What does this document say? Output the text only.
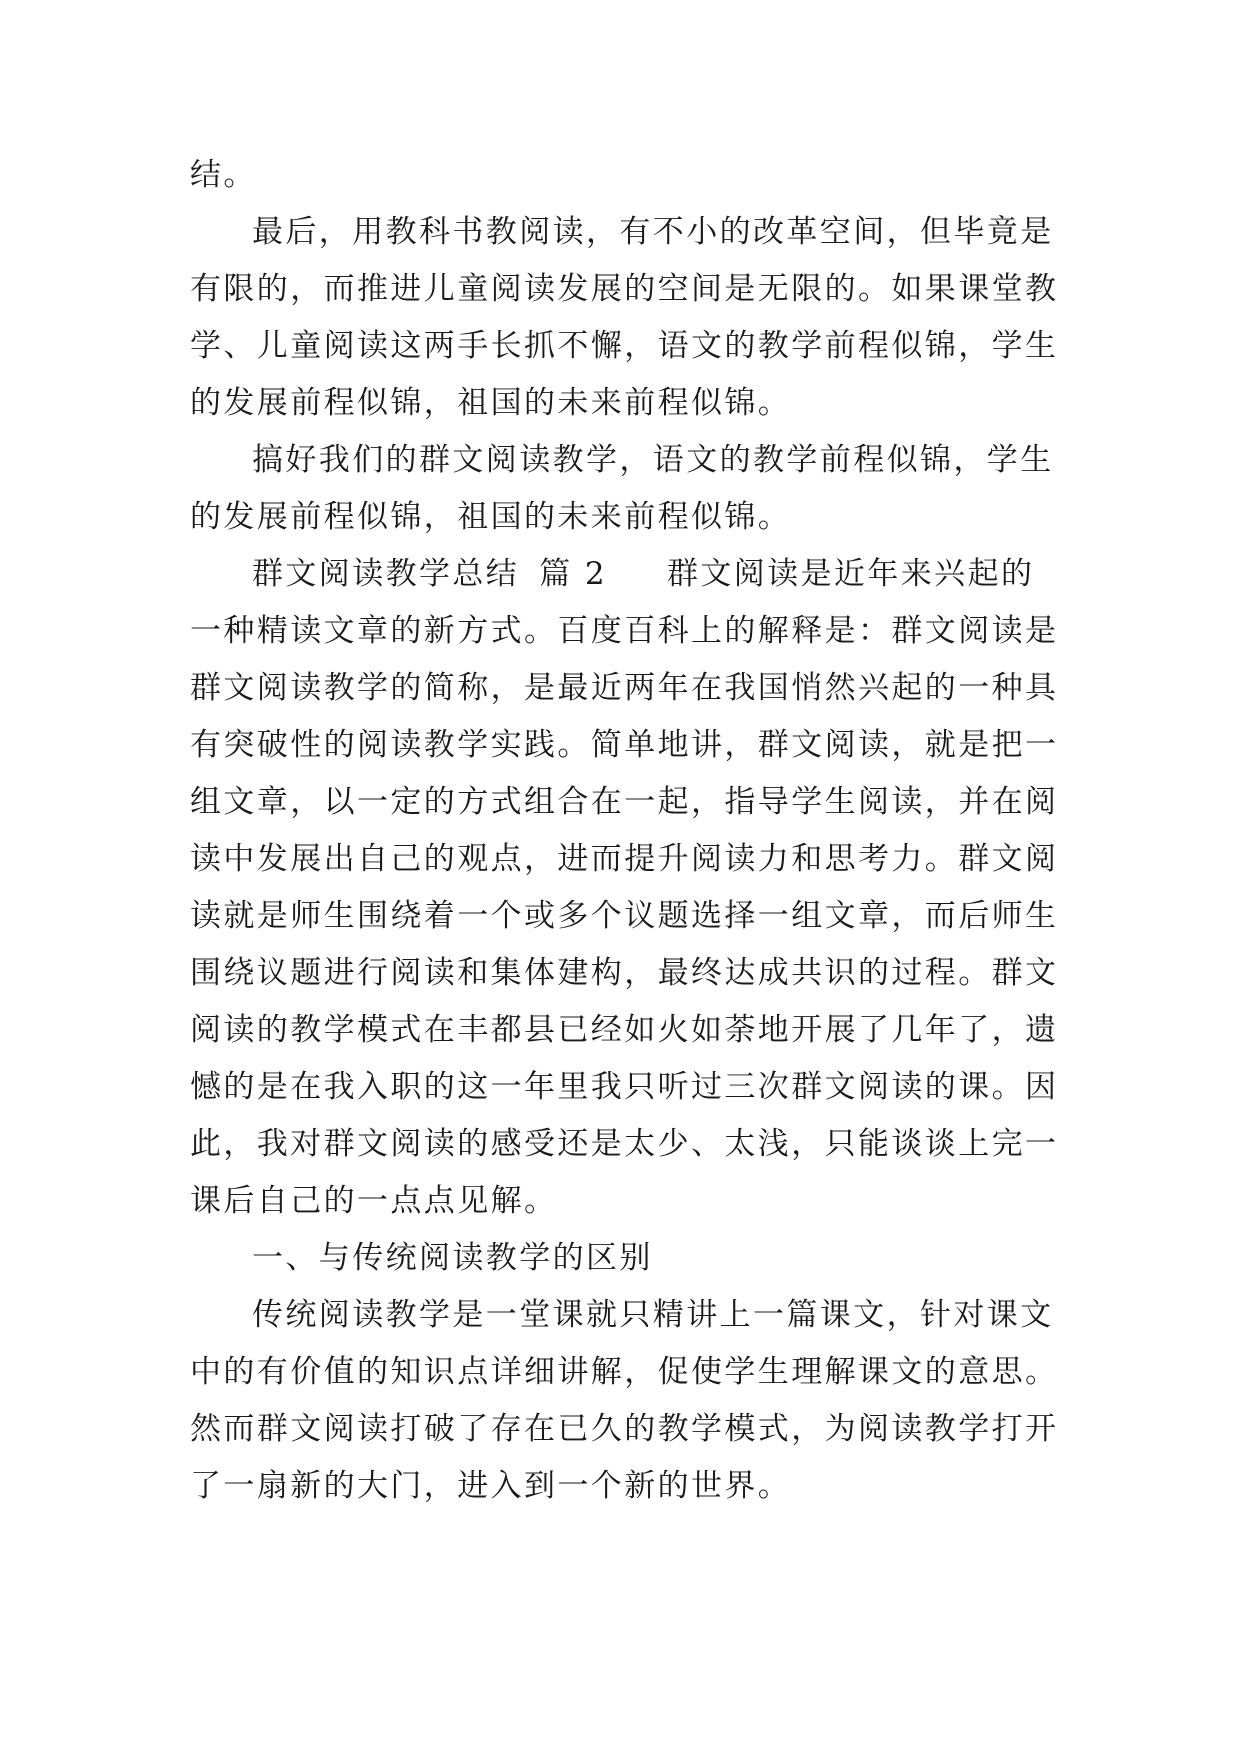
结。
最后，用教科书教阅读，有不小的改革空间，但毕竟是
有限的，而推进儿童阅读发展的空间是无限的。如果课堂教
学、儿童阅读这两手长抓不懈，语文的教学前程似锦，学生
的发展前程似锦，祖国的未来前程似锦。
搞好我们的群文阅读教学，语文的教学前程似锦，学生
的发展前程似锦，祖国的未来前程似锦。
群文阅读教学总结 篇 2 群文阅读是近年来兴起的
一种精读文章的新方式。百度百科上的解释是：群文阅读是
群文阅读教学的简称，是最近两年在我国悄然兴起的一种具
有突破性的阅读教学实践。简单地讲，群文阅读，就是把一
组文章，以一定的方式组合在一起，指导学生阅读，并在阅
读中发展出自己的观点，进而提升阅读力和思考力。群文阅
读就是师生围绕着一个或多个议题选择一组文章，而后师生
围绕议题进行阅读和集体建构，最终达成共识的过程。群文
阅读的教学模式在丰都县已经如火如荼地开展了几年了，遗
憾的是在我入职的这一年里我只听过三次群文阅读的课。因
此，我对群文阅读的感受还是太少、太浅，只能谈谈上完一
课后自己的一点点见解。
一、与传统阅读教学的区别
传统阅读教学是一堂课就只精讲上一篇课文，针对课文
中的有价值的知识点详细讲解，促使学生理解课文的意思。
然而群文阅读打破了存在已久的教学模式，为阅读教学打开
了一扇新的大门，进入到一个新的世界。
